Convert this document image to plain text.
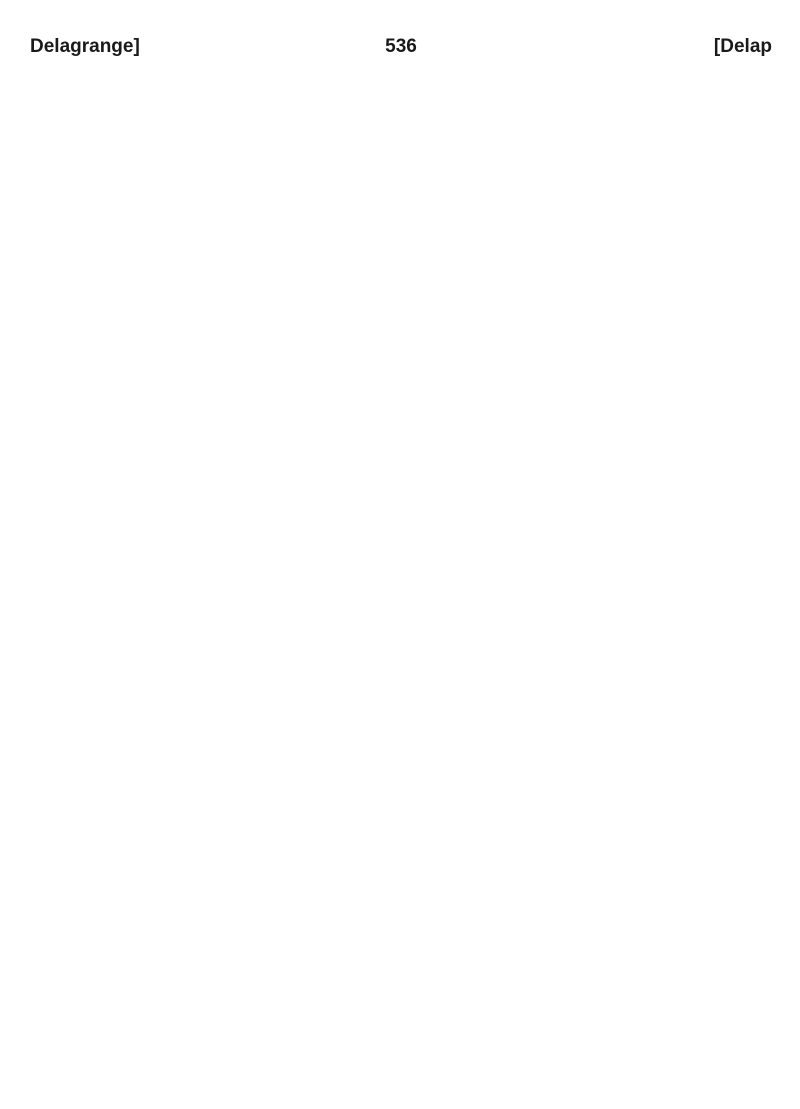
Delagrange]	536	[Delap
